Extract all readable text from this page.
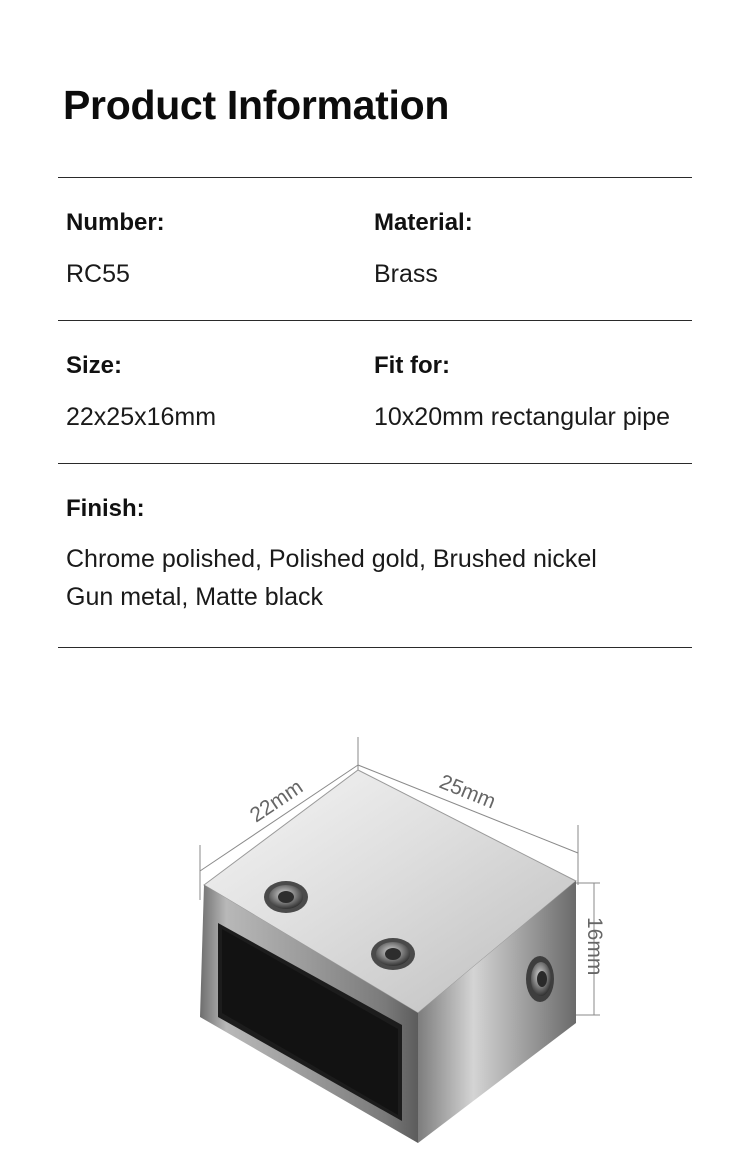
Product Information
Number:
RC55
Material:
Brass
Size:
22x25x16mm
Fit for:
10x20mm rectangular pipe
Finish:
Chrome polished, Polished gold, Brushed nickel
Gun metal, Matte black
22mm	25mm
16mm
